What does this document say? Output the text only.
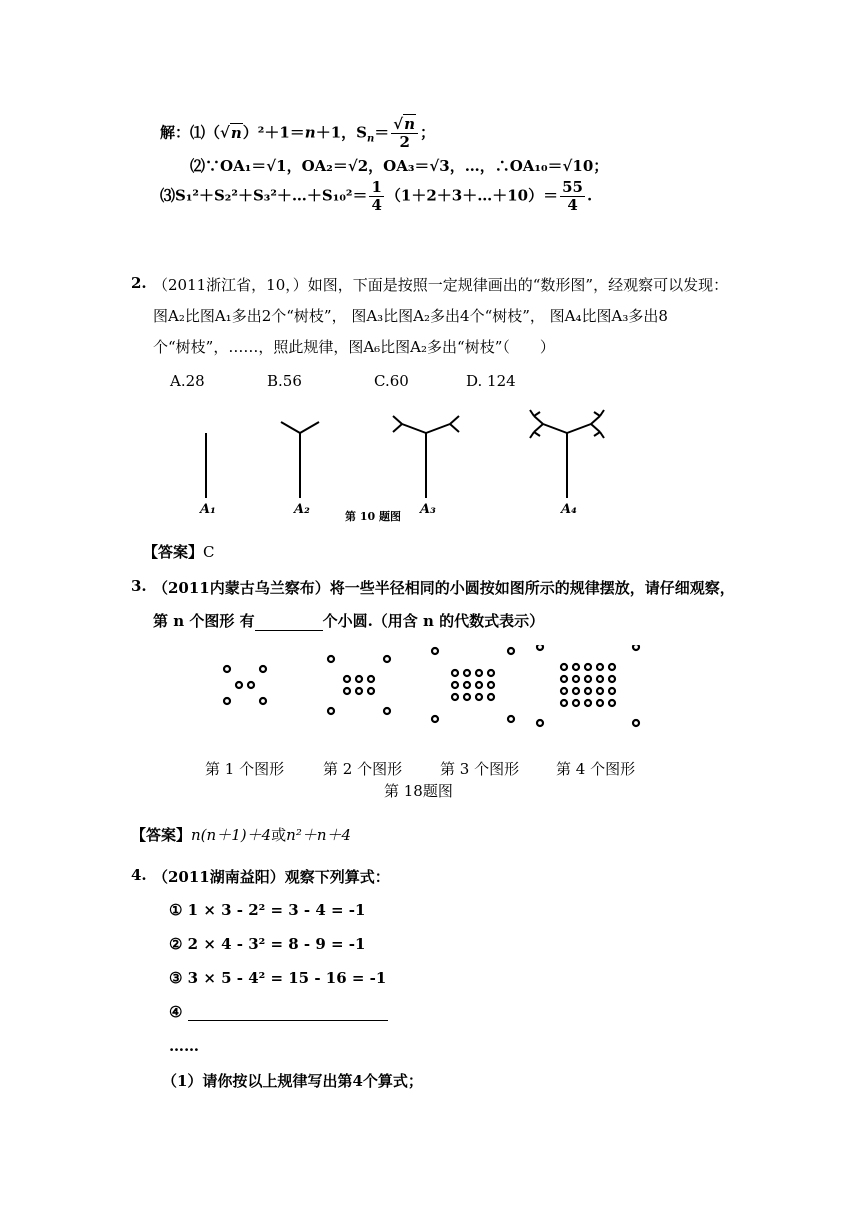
解：⑴（√n）²＋1＝n＋1，$S_n= \frac{√n}{2}$ ；
⑵∵OA₁＝√1，OA₂＝√2，OA₃＝√3，…，∴OA₁₀＝√10；
⑶S₁²＋S₂²＋S₃²＋…＋S₁₀²＝ $\frac{1}{4}$ （1＋2＋3＋…＋10）＝ $\frac{55}{4}$ .
2. （2011浙江省，10，）如图，下面是按照一定规律画出的“数形图”，经观察可以发现：
图A₂比图A₁多出2个“树枝”， 图A₃比图A₂多出4个“树枝”， 图A₄比图A₃多出8
个“树枝”，……，照此规律，图A₆比图A₂多出“树枝”（　　）
A.28	B.56	C.60	D. 124
A₁	A₂	A₃	A₄
第 10 题图
【答案】C
3. （2011内蒙古乌兰察布）将一些半径相同的小圆按如图所示的规律摆放，请仔细观察，
第 n 个图形 有	个小圆.（用含 n 的代数式表示）
第 1 个图形	第 2 个图形	第 3 个图形 第 4 个图形
第 18题图
【答案】n(n＋1)＋4或n²＋n＋4
4. （2011湖南益阳）观察下列算式：
① 1 × 3 - 2² = 3 - 4 = -1
② 2 × 4 - 3² = 8 - 9 = -1
③ 3 × 5 - 4² = 15 - 16 = -1
④
……
（1）请你按以上规律写出第4个算式；
